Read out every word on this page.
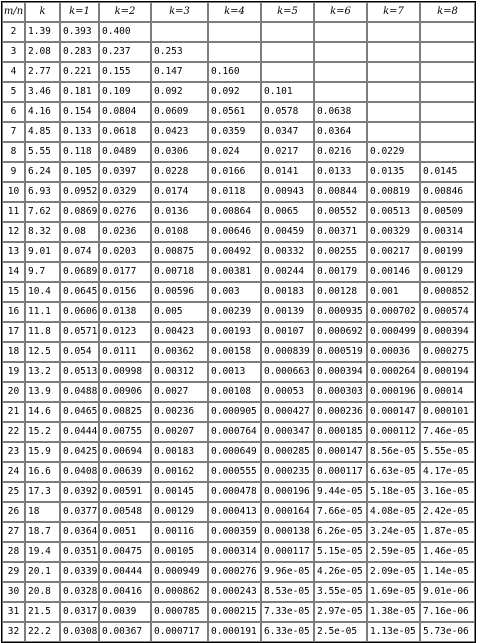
m/n	k	k=1	k=2	k=3	k=4	k=5	k=6	k=7	k=8
2	1.39	0.393	0.400						
3	2.08	0.283	0.237	0.253					
4	2.77	0.221	0.155	0.147	0.160				
5	3.46	0.181	0.109	0.092	0.092	0.101			
6	4.16	0.154	0.0804	0.0609	0.0561	0.0578	0.0638		
7	4.85	0.133	0.0618	0.0423	0.0359	0.0347	0.0364		
8	5.55	0.118	0.0489	0.0306	0.024	0.0217	0.0216	0.0229	
9	6.24	0.105	0.0397	0.0228	0.0166	0.0141	0.0133	0.0135	0.0145
10	6.93	0.0952	0.0329	0.0174	0.0118	0.00943	0.00844	0.00819	0.00846
11	7.62	0.0869	0.0276	0.0136	0.00864	0.0065	0.00552	0.00513	0.00509
12	8.32	0.08	0.0236	0.0108	0.00646	0.00459	0.00371	0.00329	0.00314
13	9.01	0.074	0.0203	0.00875	0.00492	0.00332	0.00255	0.00217	0.00199
14	9.7	0.0689	0.0177	0.00718	0.00381	0.00244	0.00179	0.00146	0.00129
15	10.4	0.0645	0.0156	0.00596	0.003	0.00183	0.00128	0.001	0.000852
16	11.1	0.0606	0.0138	0.005	0.00239	0.00139	0.000935	0.000702	0.000574
17	11.8	0.0571	0.0123	0.00423	0.00193	0.00107	0.000692	0.000499	0.000394
18	12.5	0.054	0.0111	0.00362	0.00158	0.000839	0.000519	0.00036	0.000275
19	13.2	0.0513	0.00998	0.00312	0.0013	0.000663	0.000394	0.000264	0.000194
20	13.9	0.0488	0.00906	0.0027	0.00108	0.00053	0.000303	0.000196	0.00014
21	14.6	0.0465	0.00825	0.00236	0.000905	0.000427	0.000236	0.000147	0.000101
22	15.2	0.0444	0.00755	0.00207	0.000764	0.000347	0.000185	0.000112	7.46e-05
23	15.9	0.0425	0.00694	0.00183	0.000649	0.000285	0.000147	8.56e-05	5.55e-05
24	16.6	0.0408	0.00639	0.00162	0.000555	0.000235	0.000117	6.63e-05	4.17e-05
25	17.3	0.0392	0.00591	0.00145	0.000478	0.000196	9.44e-05	5.18e-05	3.16e-05
26	18	0.0377	0.00548	0.00129	0.000413	0.000164	7.66e-05	4.08e-05	2.42e-05
27	18.7	0.0364	0.0051	0.00116	0.000359	0.000138	6.26e-05	3.24e-05	1.87e-05
28	19.4	0.0351	0.00475	0.00105	0.000314	0.000117	5.15e-05	2.59e-05	1.46e-05
29	20.1	0.0339	0.00444	0.000949	0.000276	9.96e-05	4.26e-05	2.09e-05	1.14e-05
30	20.8	0.0328	0.00416	0.000862	0.000243	8.53e-05	3.55e-05	1.69e-05	9.01e-06
31	21.5	0.0317	0.0039	0.000785	0.000215	7.33e-05	2.97e-05	1.38e-05	7.16e-06
32	22.2	0.0308	0.00367	0.000717	0.000191	6.33e-05	2.5e-05	1.13e-05	5.73e-06
